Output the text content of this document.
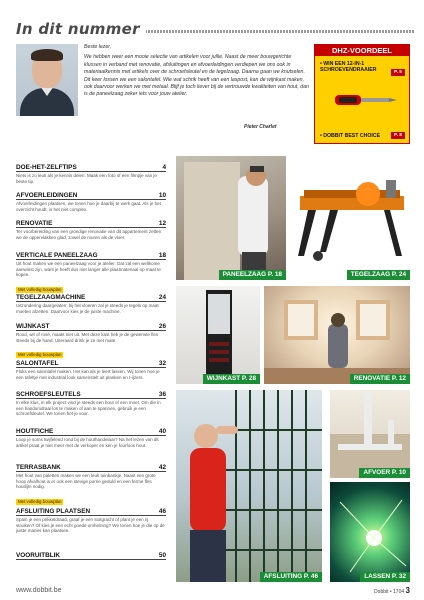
In dit nummer
Beste lezer,
We hebben weer een mooie selectie van artikelen voor jullie. Naast de meer bouwgerichte klussen in verband met renovatie, afsluitingen en afvoerleidingen verdiepen we ons ook in materiaalkennis met artikels over de schroefsleutel en de tegelzaag. Daarna gaan we knutselen. Dit keer lossen we een salontafel. Wie wat schrik heeft van een laspost, kan de wijnkast maken, ook daarvoor werken we met metaal. Blijf je toch liever bij de vertrouwde kwaliteiten van hout, dan is de paneelzaag zeker iets voor jouw atelier.
Pieter Charlet
DHZ-VOORDEEL
• WIN EEN 12-IN-1 SCHROEVENDRAAIER	P. 5
• DOBBIT BEST CHOICE	P. 8
DOE-HET-ZELFTIPS	4
Niets is zo leuk als je kennis delen. Maak een foto of een filmpje van je beste tip.
AFVOERLEIDINGEN	10
Afvoerleidingen plaatsen, we tonen hoe je daarbij te werk gaat. Als je het overzicht houdt, is het niet complex.
RENOVATIE	12
Ter voorbereiding van een grondige renovatie van dit appartement zetten we de oppervlakken glad, zowel de muren als de vloer.
VERTICALE PANEELZAAG	18
Uit hout maken we een paneelzaag voor je atelier. Dat zal een wellkome aanwinst zijn, want je heeft dus niet langer alle plaatmateriaal op maat te kopen.
Met volledig bouwplan
TEGELZAAGMACHINE	24
Uitzondering daargelaten: bij het vloeren zal je steeds je tegels op maat moeten afzetten. Daarvoor kies je de juiste machine.
WIJNKAST	26
Rood, wit of rosé, maakt niet uit. Met deze kast heb je de gewenste fles steeds bij de hand. Uiteraard drink je ze met mate.
Met volledig bouwplan
SALONTAFEL	32
Fluks een salontafel maken. Het kan als je leert lassen. Wij tonen hoe je een tafeltje met industrial look samenstelt uit planken en I-ijzers.
SCHROEFSLEUTELS	36
In elke klus, in elk project vind je steeds een bout of een moer. Om die in een handomdraai los te maken of aan te spannen, gebruik je een schroefsleutel. We tonen het je voor.
HOUTFICHE	40
Loop je soms twijfelend rond bij de houthandelaar? Na het lezen van dit artikel praat je niet meer met de verkoper en ken je fourfoos hout.
TERRASBANK	42
Met hout van paletten maken we een leuk tuinbankje. Naast een grote hoop afvalhout is er ook een stevige porrie geduld en een ferme fles houtlijm nodig.
Met volledig bouwplan
AFSLUITING PLAATSEN	46
Spain je een prikkeldraad, graaf je een stotgracht of plant je een rij struiken? Of kies je een echt goede omheining? We tonen hoe je die op de juiste manier kan plaatsen.
VOORUITBLIK	50
PANEELZAAG P. 18	TEGELZAAG P. 24
WIJNKAST P. 28	RENOVATIE P. 12
AFSLUITING P. 46
AFVOER P. 10
LASSEN P. 32
www.dobbit.be	Dobbit • 1704 3
